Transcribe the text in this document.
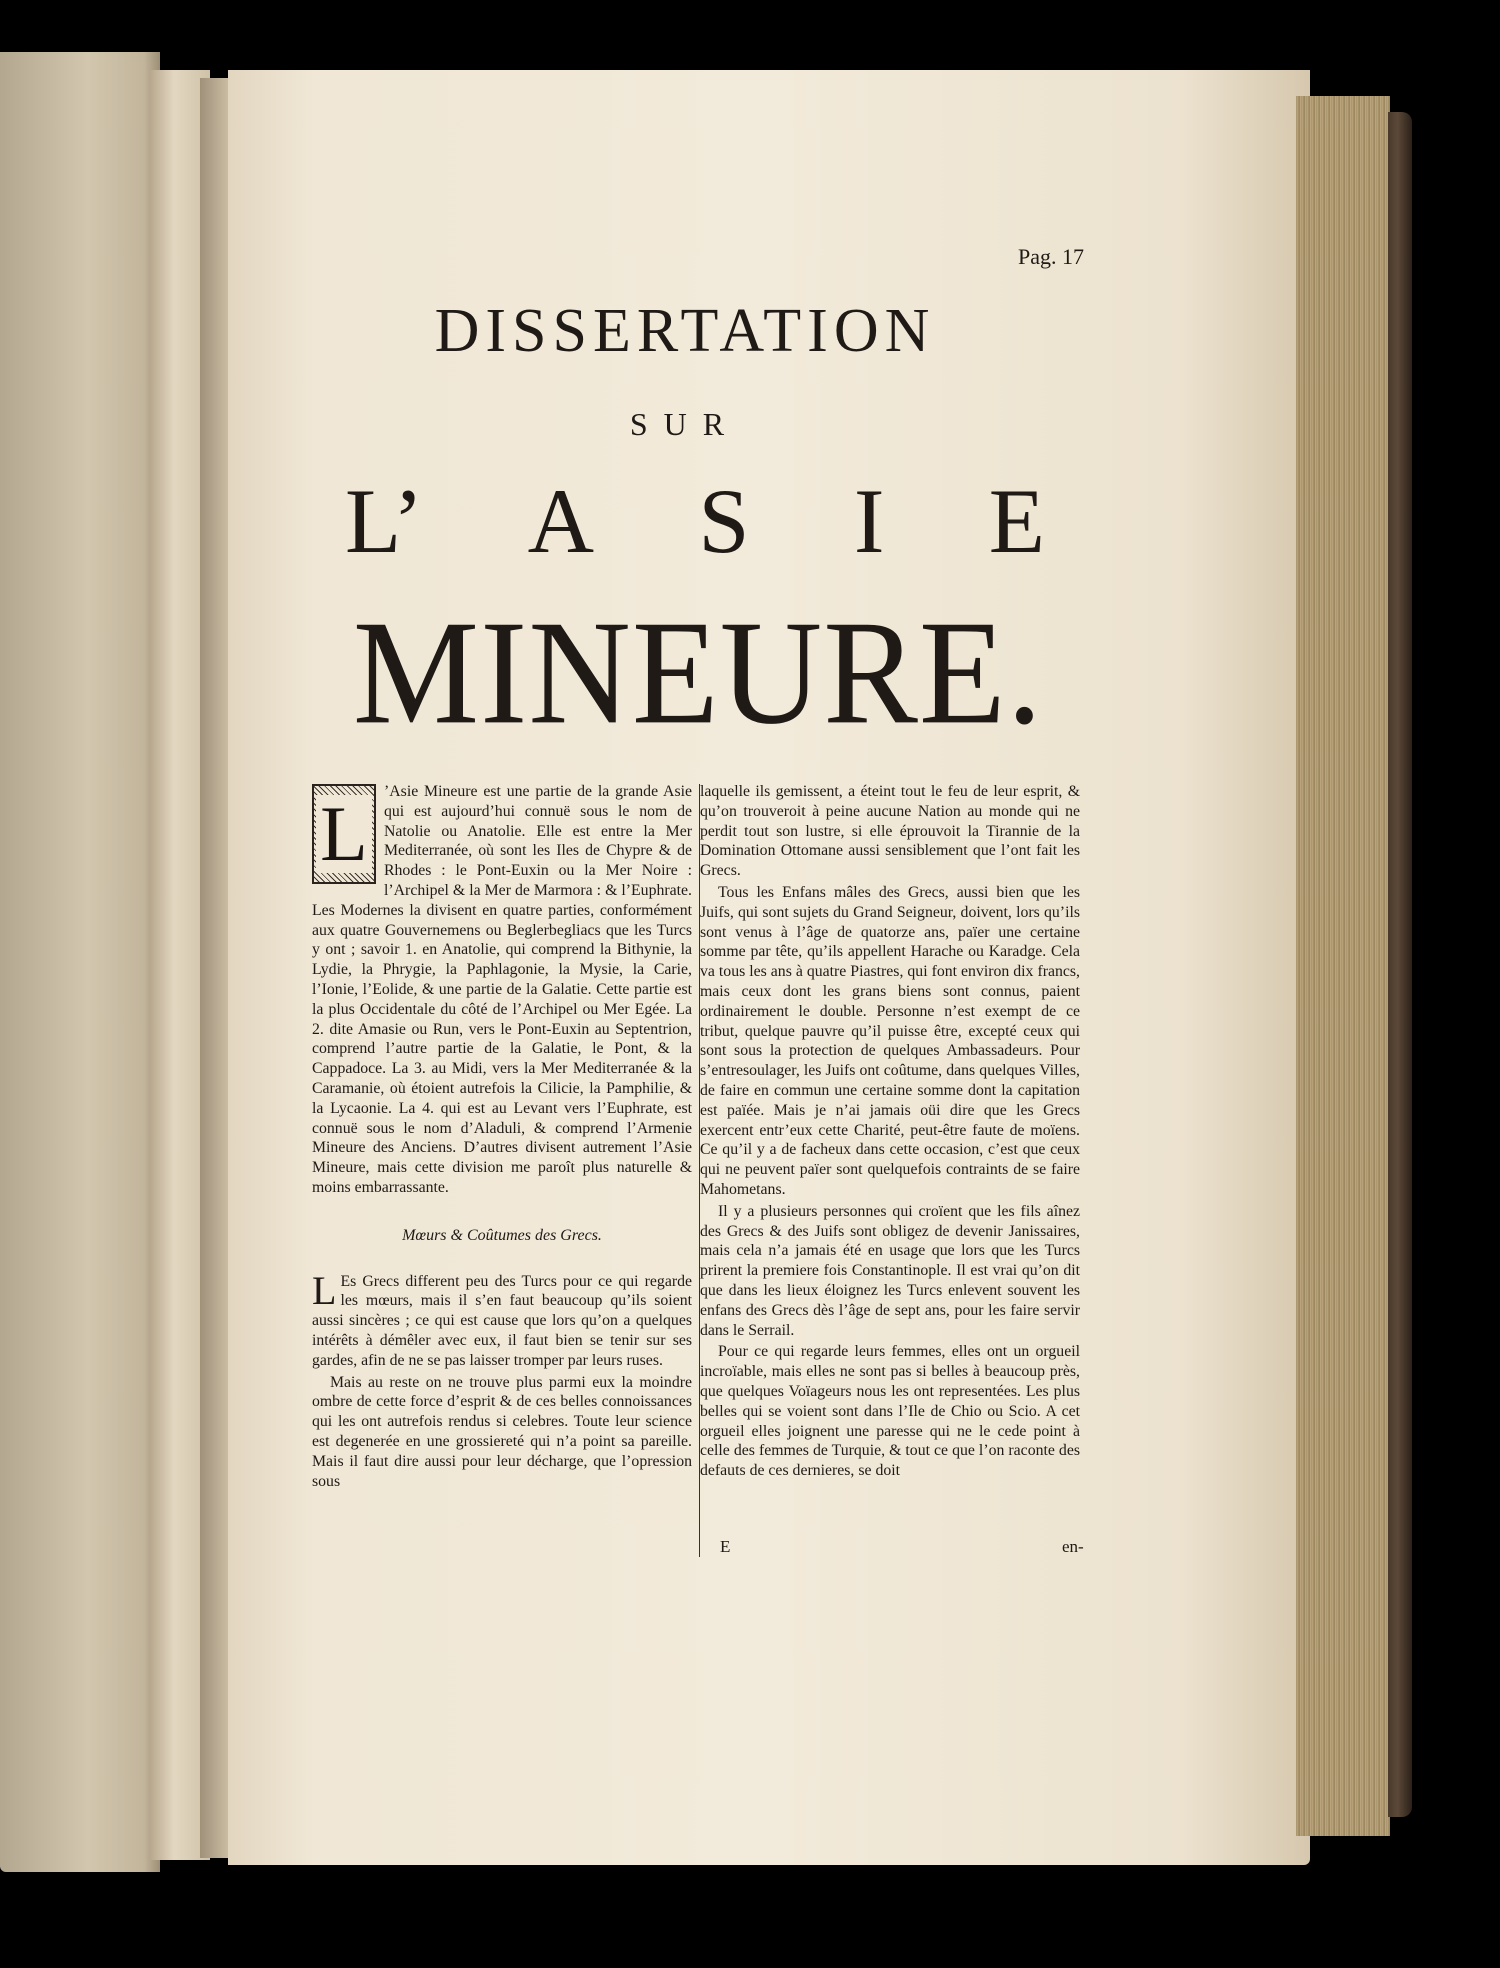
Pag. 17
DISSERTATION
SUR
L’ A S I E
MINEURE.
L	’Asie Mineure est une partie de la grande Asie qui est aujourd’hui connuë sous le nom de Natolie ou Anatolie. Elle est entre la Mer Mediterranée, où sont les Iles de Chypre & de Rhodes : le Pont-Euxin ou la Mer Noire : l’Archipel & la Mer de Marmora : & l’Euphrate. Les Modernes la divisent en quatre parties, conformément aux quatre Gouvernemens ou Beglerbegliacs que les Turcs y ont ; savoir 1. en Anatolie, qui comprend la Bithynie, la Lydie, la Phrygie, la Paphlagonie, la Mysie, la Carie, l’Ionie, l’Eolide, & une partie de la Galatie. Cette partie est la plus Occidentale du côté de l’Archipel ou Mer Egée. La 2. dite Amasie ou Run, vers le Pont-Euxin au Septentrion, comprend l’autre partie de la Galatie, le Pont, & la Cappadoce. La 3. au Midi, vers la Mer Mediterranée & la Caramanie, où étoient autrefois la Cilicie, la Pamphilie, & la Lycaonie. La 4. qui est au Levant vers l’Euphrate, est connuë sous le nom d’Aladuli, & comprend l’Armenie Mineure des Anciens. D’autres divisent autrement l’Asie Mineure, mais cette division me paroît plus naturelle & moins embarrassante.

Mœurs & Coûtumes des Grecs.

L Es Grecs different peu des Turcs pour ce qui regarde les mœurs, mais il s’en faut beaucoup qu’ils soient aussi sincères ; ce qui est cause que lors qu’on a quelques intérêts à démêler avec eux, il faut bien se tenir sur ses gardes, afin de ne se pas laisser tromper par leurs ruses.

Mais au reste on ne trouve plus parmi eux la moindre ombre de cette force d’esprit & de ces belles connoissances qui les ont autrefois rendus si celebres. Toute leur science est degenerée en une grossiereté qui n’a point sa pareille. Mais il faut dire aussi pour leur décharge, que l’opression sous

laquelle ils gemissent, a éteint tout le feu de leur esprit, & qu’on trouveroit à peine aucune Nation au monde qui ne perdit tout son lustre, si elle éprouvoit la Tirannie de la Domination Ottomane aussi sensiblement que l’ont fait les Grecs.

Tous les Enfans mâles des Grecs, aussi bien que les Juifs, qui sont sujets du Grand Seigneur, doivent, lors qu’ils sont venus à l’âge de quatorze ans, païer une certaine somme par tête, qu’ils appellent Harache ou Karadge. Cela va tous les ans à quatre Piastres, qui font environ dix francs, mais ceux dont les grans biens sont connus, paient ordinairement le double. Personne n’est exempt de ce tribut, quelque pauvre qu’il puisse être, excepté ceux qui sont sous la protection de quelques Ambassadeurs. Pour s’entresoulager, les Juifs ont coûtume, dans quelques Villes, de faire en commun une certaine somme dont la capitation est païée. Mais je n’ai jamais oüi dire que les Grecs exercent entr’eux cette Charité, peut-être faute de moïens. Ce qu’il y a de facheux dans cette occasion, c’est que ceux qui ne peuvent païer sont quelquefois contraints de se faire Mahometans.

Il y a plusieurs personnes qui croïent que les fils aînez des Grecs & des Juifs sont obligez de devenir Janissaires, mais cela n’a jamais été en usage que lors que les Turcs prirent la premiere fois Constantinople. Il est vrai qu’on dit que dans les lieux éloignez les Turcs enlevent souvent les enfans des Grecs dès l’âge de sept ans, pour les faire servir dans le Serrail.

Pour ce qui regarde leurs femmes, elles ont un orgueil incroïable, mais elles ne sont pas si belles à beaucoup près, que quelques Voïageurs nous les ont representées. Les plus belles qui se voient sont dans l’Ile de Chio ou Scio. A cet orgueil elles joignent une paresse qui ne le cede point à celle des femmes de Turquie, & tout ce que l’on raconte des defauts de ces dernieres, se doit

E	en-
